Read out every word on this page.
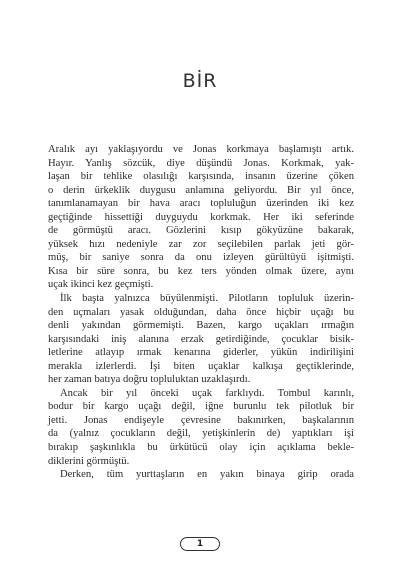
BİR
Aralık ayı yaklaşıyordu ve Jonas korkmaya başlamıştı artık.
Hayır. Yanlış sözcük, diye düşündü Jonas. Korkmak, yak-
laşan bir tehlike olasılığı karşısında, insanın üzerine çöken
o derin ürkeklik duygusu anlamına geliyordu. Bir yıl önce,
tanımlanamayan bir hava aracı topluluğun üzerinden iki kez
geçtiğinde hissettiği duyguydu korkmak. Her iki seferinde
de görmüştü aracı. Gözlerini kısıp gökyüzüne bakarak,
yüksek hızı nedeniyle zar zor seçilebilen parlak jeti gör-
müş, bir saniye sonra da onu izleyen gürültüyü işitmişti.
Kısa bir süre sonra, bu kez ters yönden olmak üzere, aynı
uçak ikinci kez geçmişti.
İlk başta yalnızca büyülenmişti. Pilotların topluluk üzerin-
den uçmaları yasak olduğundan, daha önce hiçbir uçağı bu
denli yakından görmemişti. Bazen, kargo uçakları ırmağın
karşısındaki iniş alanına erzak getirdiğinde, çocuklar bisik-
letlerine atlayıp ırmak kenarına giderler, yükün indirilişini
merakla izlerlerdi. İşi biten uçaklar kalkışa geçtiklerinde,
her zaman batıya doğru topluluktan uzaklaşırdı.
Ancak bir yıl önceki uçak farklıydı. Tombul karınlı,
bodur bir kargo uçağı değil, iğne burunlu tek pilotluk bir
jetti. Jonas endişeyle çevresine bakınırken, başkalarının
da (yalnız çocukların değil, yetişkinlerin de) yaptıkları işi
bırakıp şaşkınlıkla bu ürkütücü olay için açıklama bekle-
diklerini görmüştü.
Derken, tüm yurttaşların en yakın binaya girip orada
1
